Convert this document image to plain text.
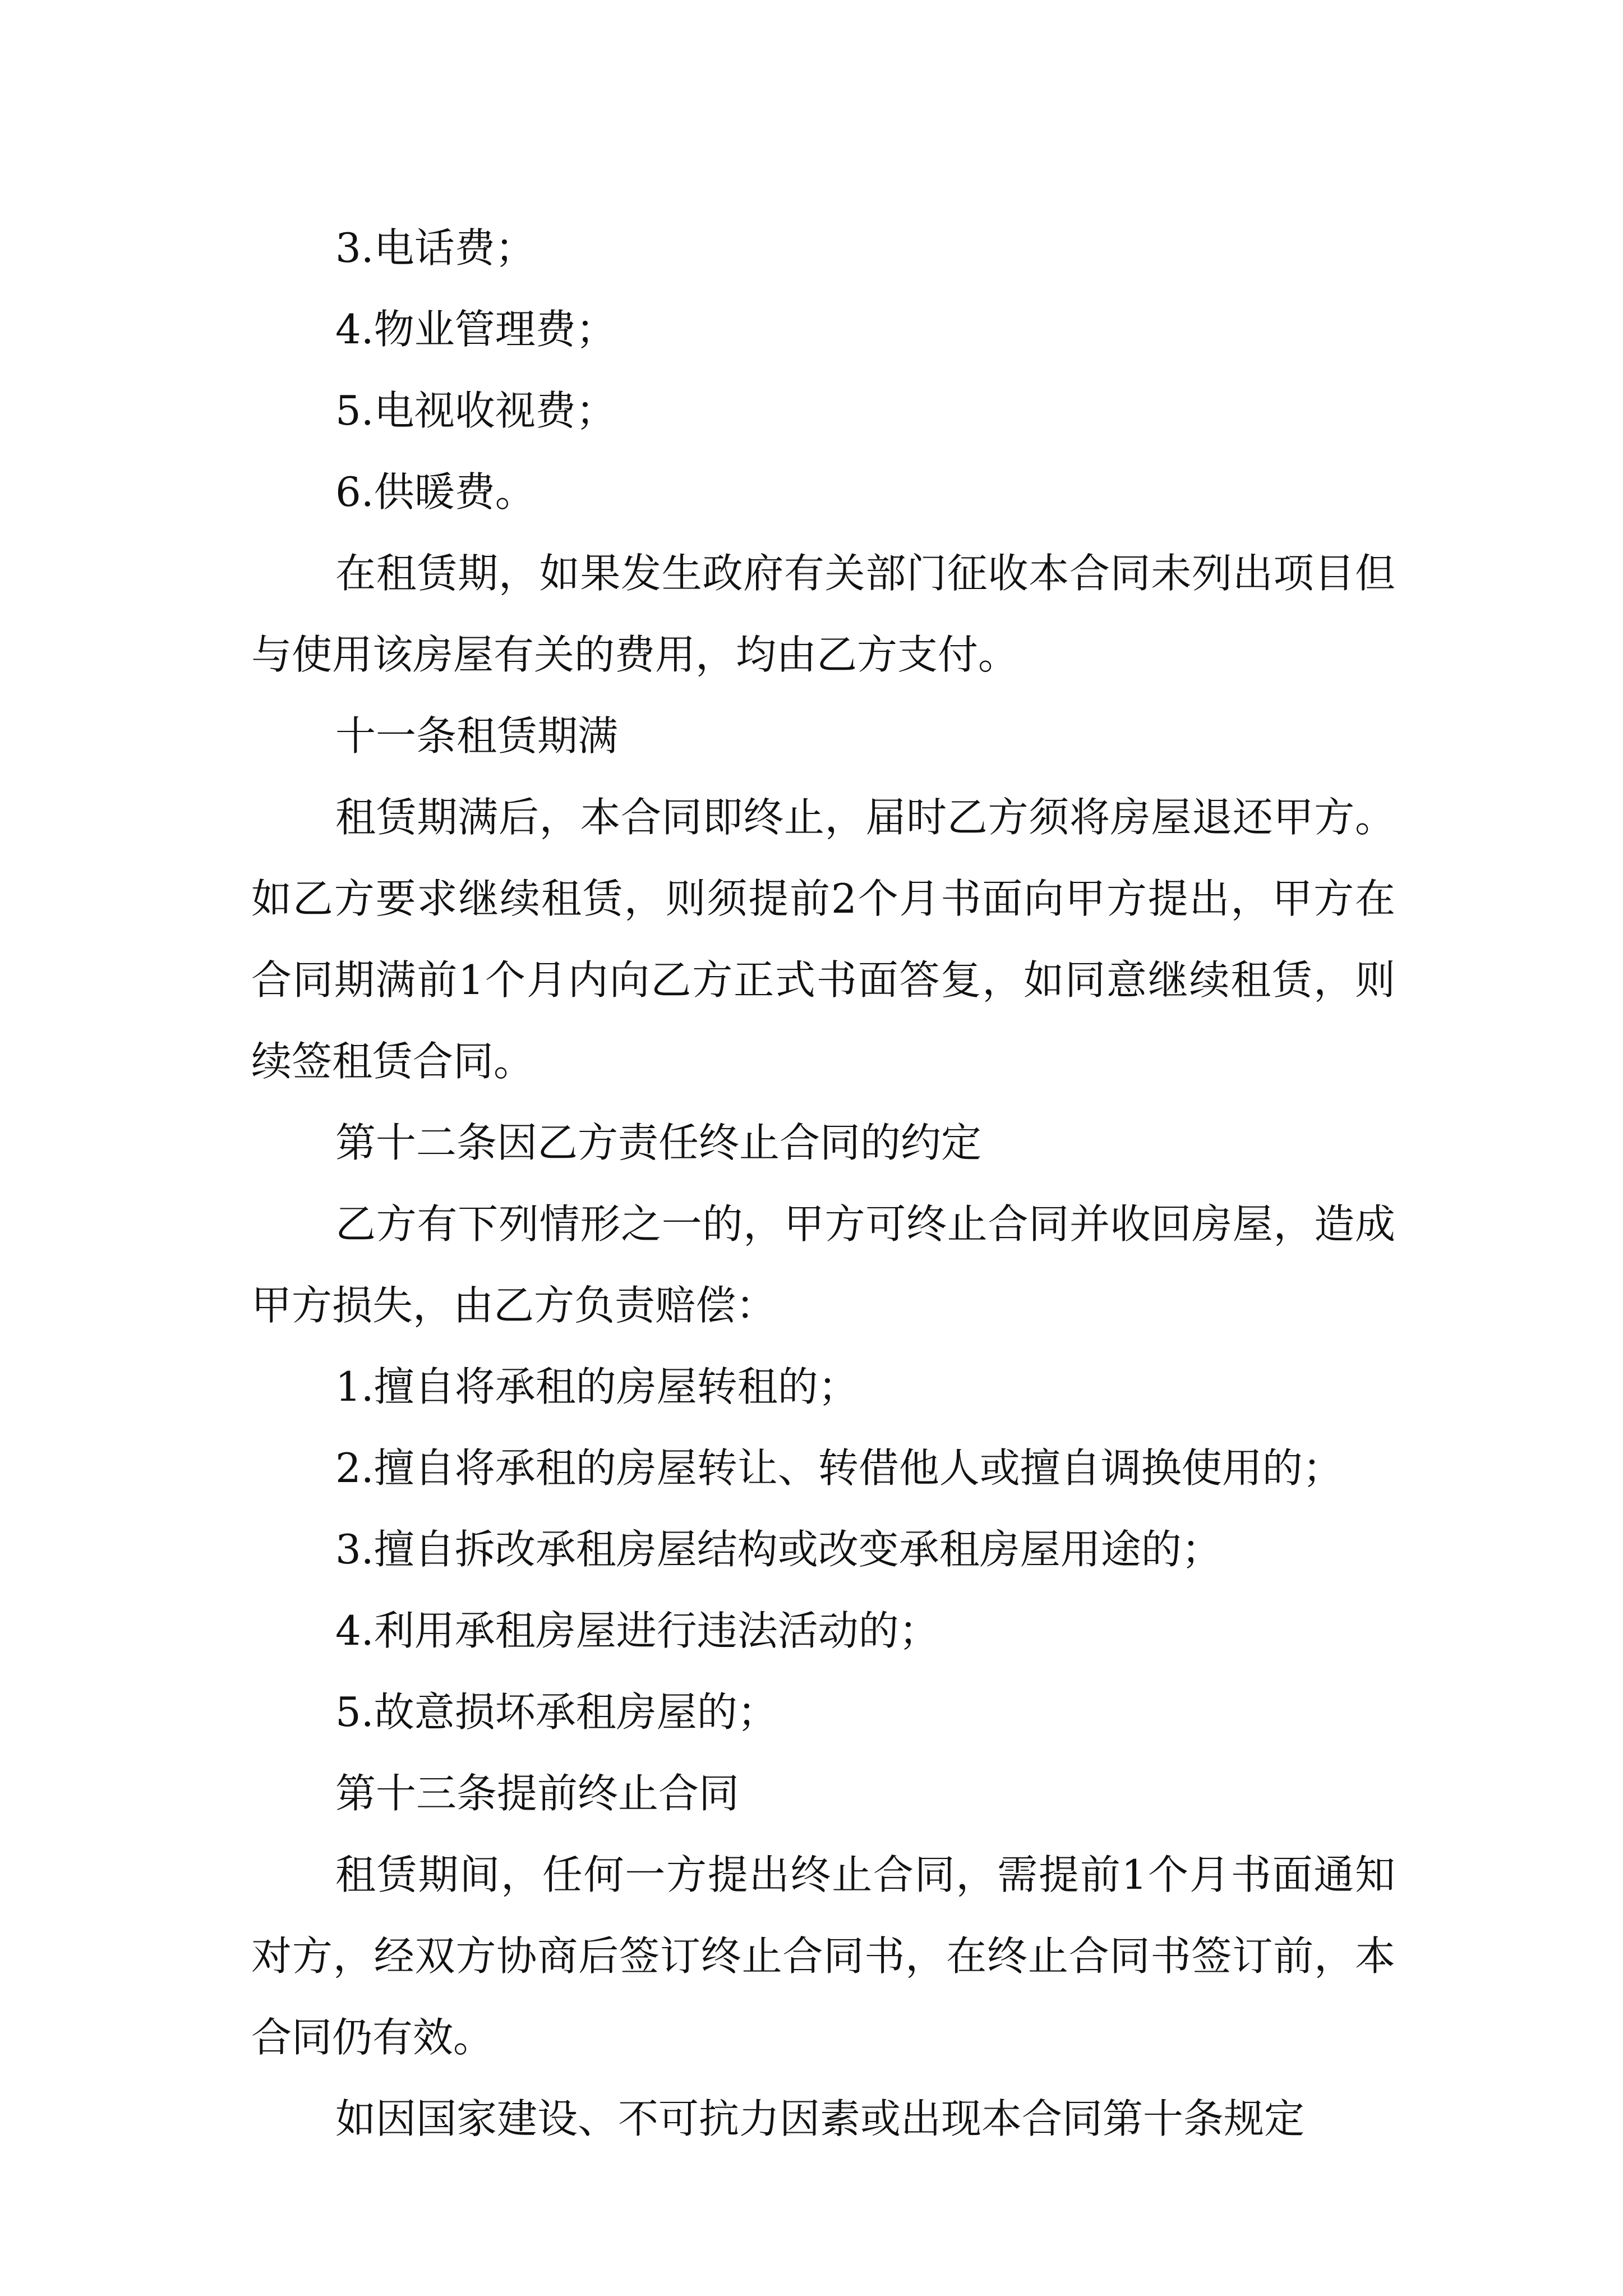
3.电话费；

4.物业管理费；

5.电视收视费；

6.供暖费。

在租赁期，如果发生政府有关部门征收本合同未列出项目但与使用该房屋有关的费用，均由乙方支付。

十一条租赁期满

租赁期满后，本合同即终止，届时乙方须将房屋退还甲方。如乙方要求继续租赁，则须提前2个月书面向甲方提出，甲方在合同期满前1个月内向乙方正式书面答复，如同意继续租赁，则续签租赁合同。

第十二条因乙方责任终止合同的约定

乙方有下列情形之一的，甲方可终止合同并收回房屋，造成甲方损失，由乙方负责赔偿：

1.擅自将承租的房屋转租的；

2.擅自将承租的房屋转让、转借他人或擅自调换使用的；

3.擅自拆改承租房屋结构或改变承租房屋用途的；

4.利用承租房屋进行违法活动的；

5.故意损坏承租房屋的；

第十三条提前终止合同

租赁期间，任何一方提出终止合同，需提前1个月书面通知对方，经双方协商后签订终止合同书，在终止合同书签订前，本合同仍有效。

如因国家建设、不可抗力因素或出现本合同第十条规定
